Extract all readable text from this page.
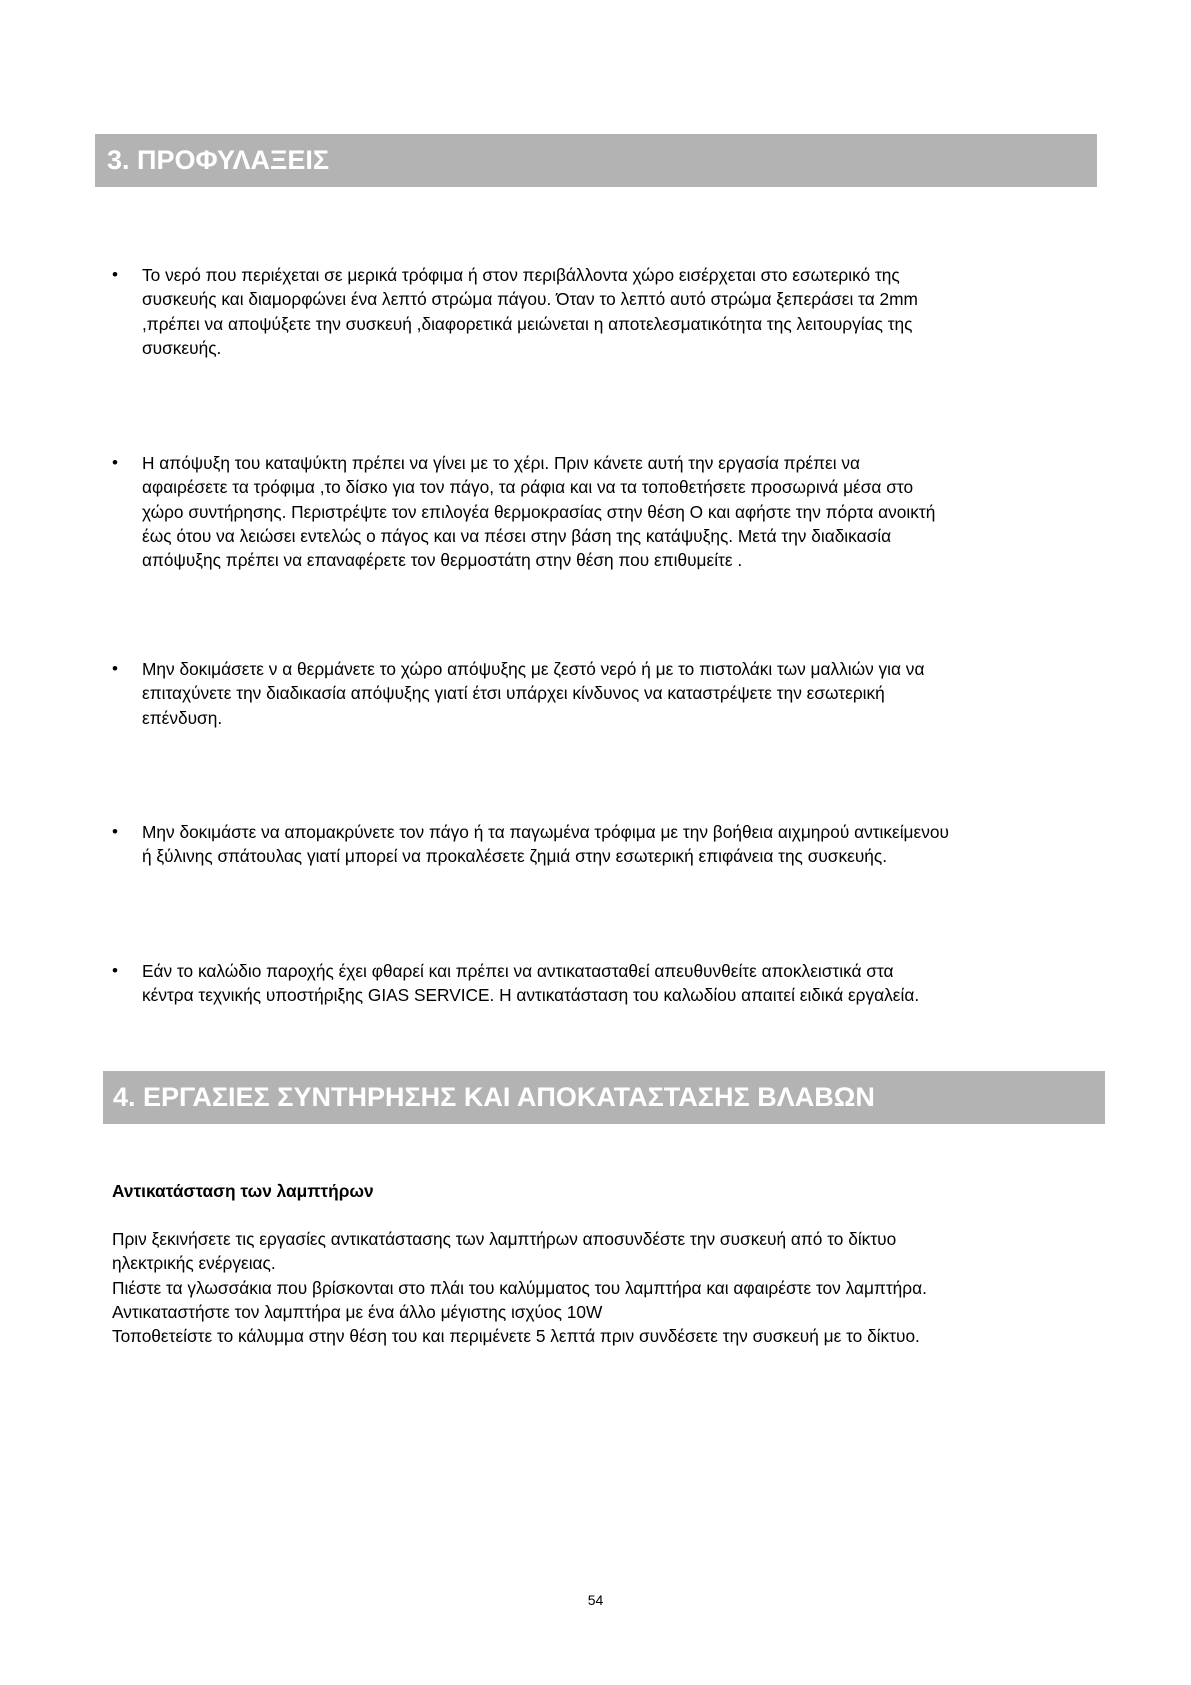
3. ΠΡΟΦΥΛΑΞΕΙΣ
• Το νερό που περιέχεται σε μερικά τρόφιμα ή στον περιβάλλοντα χώρο εισέρχεται στο εσωτερικό της
συσκευής και διαμορφώνει ένα λεπτό στρώμα πάγου. Όταν το λεπτό αυτό στρώμα ξεπεράσει τα 2mm
,πρέπει να αποψύξετε την συσκευή ,διαφορετικά μειώνεται η αποτελεσματικότητα της λειτουργίας της
συσκευής.
• Η απόψυξη του καταψύκτη πρέπει να γίνει με το χέρι. Πριν κάνετε αυτή την εργασία πρέπει να
αφαιρέσετε τα τρόφιμα ,το δίσκο για τον πάγο, τα ράφια και να τα τοποθετήσετε προσωρινά μέσα στο
χώρο συντήρησης. Περιστρέψτε τον επιλογέα θερμοκρασίας στην θέση O και αφήστε την πόρτα ανοικτή
έως ότου να λειώσει εντελώς ο πάγος και να πέσει στην βάση της κατάψυξης. Μετά την διαδικασία
απόψυξης πρέπει να επαναφέρετε τον θερμοστάτη στην θέση που επιθυμείτε .
• Μην δοκιμάσετε ν α θερμάνετε το χώρο απόψυξης με ζεστό νερό ή με το πιστολάκι των μαλλιών για να
επιταχύνετε την διαδικασία απόψυξης γιατί έτσι υπάρχει κίνδυνος να καταστρέψετε την εσωτερική
επένδυση.
• Μην δοκιμάστε να απομακρύνετε τον πάγο ή τα παγωμένα τρόφιμα με την βοήθεια αιχμηρού αντικείμενου
ή ξύλινης σπάτουλας γιατί μπορεί να προκαλέσετε ζημιά στην εσωτερική επιφάνεια της συσκευής.
• Εάν το καλώδιο παροχής έχει φθαρεί και πρέπει να αντικατασταθεί απευθυνθείτε αποκλειστικά στα
κέντρα τεχνικής υποστήριξης GIAS SERVICE. Η αντικατάσταση του καλωδίου απαιτεί ειδικά εργαλεία.
4. ΕΡΓΑΣΙΕΣ ΣΥΝΤΗΡΗΣΗΣ ΚΑΙ ΑΠΟΚΑΤΑΣΤΑΣΗΣ ΒΛΑΒΩΝ
Αντικατάσταση των λαμπτήρων
Πριν ξεκινήσετε τις εργασίες αντικατάστασης των λαμπτήρων αποσυνδέστε την συσκευή από το δίκτυο
ηλεκτρικής ενέργειας.
Πιέστε τα γλωσσάκια που βρίσκονται στο πλάι του καλύμματος του λαμπτήρα και αφαιρέστε τον λαμπτήρα.
Αντικαταστήστε τον λαμπτήρα με ένα άλλο μέγιστης ισχύος 10W
Τοποθετείστε το κάλυμμα στην θέση του και περιμένετε 5 λεπτά πριν συνδέσετε την συσκευή με το δίκτυο.
54
